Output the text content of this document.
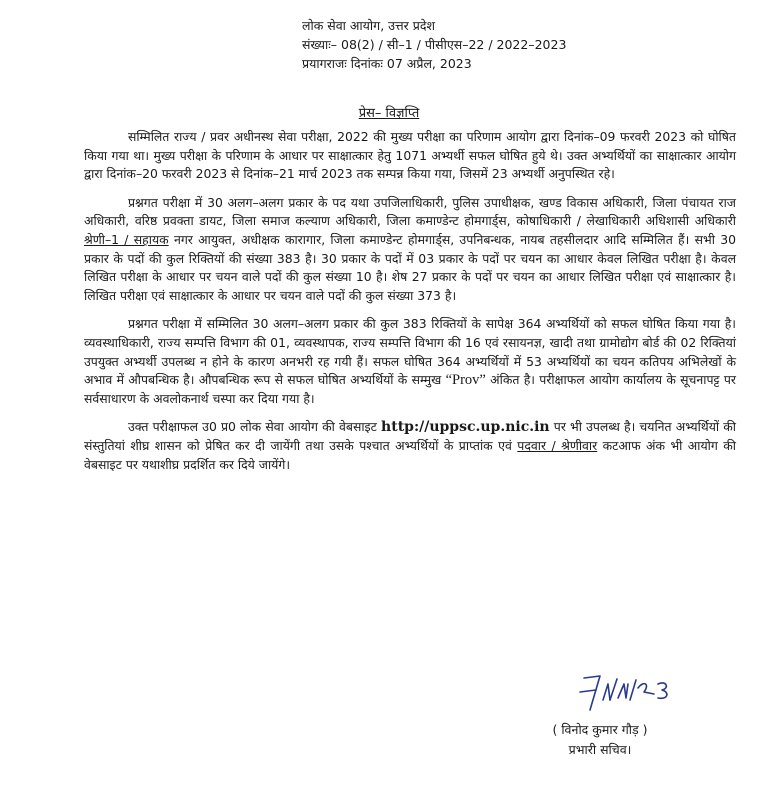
लोक सेवा आयोग, उत्तर प्रदेश
संख्याः– 08(2) / सी–1 / पीसीएस–22 / 2022–2023
प्रयागराजः दिनांकः 07 अप्रैल, 2023
प्रेस– विज्ञप्ति

सम्मिलित राज्य / प्रवर अधीनस्थ सेवा परीक्षा, 2022 की मुख्य परीक्षा का परिणाम आयोग द्वारा दिनांक–09 फरवरी 2023 को घोषित किया गया था। मुख्य परीक्षा के परिणाम के आधार पर साक्षात्कार हेतु 1071 अभ्यर्थी सफल घोषित हुये थे। उक्त अभ्यर्थियों का साक्षात्कार आयोग द्वारा दिनांक–20 फरवरी 2023 से दिनांक–21 मार्च 2023 तक सम्पन्न किया गया, जिसमें 23 अभ्यर्थी अनुपस्थित रहे।

प्रश्नगत परीक्षा में 30 अलग–अलग प्रकार के पद यथा उपजिलाधिकारी, पुलिस उपाधीक्षक, खण्ड विकास अधिकारी, जिला पंचायत राज अधिकारी, वरिष्ठ प्रवक्ता डायट, जिला समाज कल्याण अधिकारी, जिला कमाण्डेन्ट होमगार्ड्स, कोषाधिकारी / लेखाधिकारी अधिशासी अधिकारी श्रेणी–1 / सहायक नगर आयुक्त, अधीक्षक कारागार, जिला कमाण्डेन्ट होमगार्ड्स, उपनिबन्धक, नायब तहसीलदार आदि सम्मिलित हैं। सभी 30 प्रकार के पदों की कुल रिक्तियों की संख्या 383 है। 30 प्रकार के पदों में 03 प्रकार के पदों पर चयन का आधार केवल लिखित परीक्षा है। केवल लिखित परीक्षा के आधार पर चयन वाले पदों की कुल संख्या 10 है। शेष 27 प्रकार के पदों पर चयन का आधार लिखित परीक्षा एवं साक्षात्कार है। लिखित परीक्षा एवं साक्षात्कार के आधार पर चयन वाले पदों की कुल संख्या 373 है।

प्रश्नगत परीक्षा में सम्मिलित 30 अलग–अलग प्रकार की कुल 383 रिक्तियों के सापेक्ष 364 अभ्यर्थियों को सफल घोषित किया गया है। व्यवस्थाधिकारी, राज्य सम्पत्ति विभाग की 01, व्यवस्थापक, राज्य सम्पत्ति विभाग की 16 एवं रसायनज्ञ, खादी तथा ग्रामोद्योग बोर्ड की 02 रिक्तियां उपयुक्त अभ्यर्थी उपलब्ध न होने के कारण अनभरी रह गयी हैं। सफल घोषित 364 अभ्यर्थियों में 53 अभ्यर्थियों का चयन कतिपय अभिलेखों के अभाव में औपबन्धिक है। औपबन्धिक रूप से सफल घोषित अभ्यर्थियों के सम्मुख “Prov” अंकित है। परीक्षाफल आयोग कार्यालय के सूचनापट्ट पर सर्वसाधारण के अवलोकनार्थ चस्पा कर दिया गया है।

उक्त परीक्षाफल उ0 प्र0 लोक सेवा आयोग की वेबसाइट http://uppsc.up.nic.in पर भी उपलब्ध है। चयनित अभ्यर्थियों की संस्तुतियां शीघ्र शासन को प्रेषित कर दी जायेंगी तथा उसके पश्चात अभ्यर्थियों के प्राप्तांक एवं पदवार / श्रेणीवार कटआफ अंक भी आयोग की वेबसाइट पर यथाशीघ्र प्रदर्शित कर दिये जायेंगे।

( विनोद कुमार गौड़ )
प्रभारी सचिव।
